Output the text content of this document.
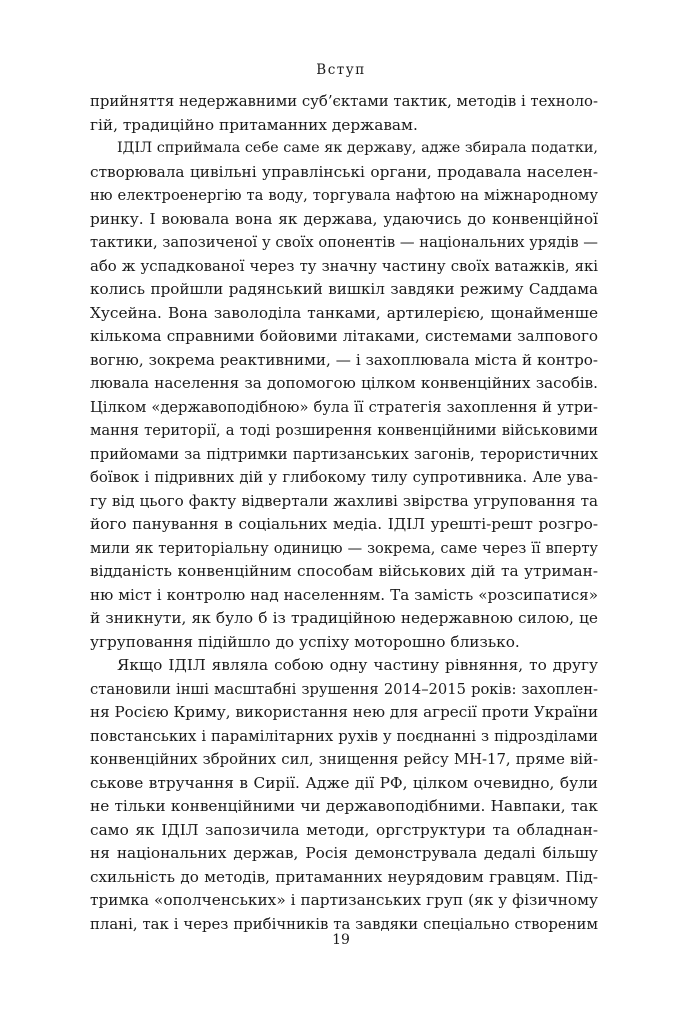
Вступ
прийняття недержавними суб’єктами тактик, методів і техноло-
гій, традиційно притаманних державам.
ІДІЛ сприймала себе саме як державу, адже збирала податки,
створювала цивільні управлінські органи, продавала населен-
ню електроенергію та воду, торгувала нафтою на міжнародному
ринку. І воювала вона як держава, удаючись до конвенційної
тактики, запозиченої у своїх опонентів — національних урядів —
або ж успадкованої через ту значну частину своїх ватажків, які
колись пройшли радянський вишкіл завдяки режиму Саддама
Хусейна. Вона заволоділа танками, артилерією, щонайменше
кількома справними бойовими літаками, системами залпового
вогню, зокрема реактивними, — і захоплювала міста й контро-
лювала населення за допомогою цілком конвенційних засобів.
Цілком «державоподібною» була її стратегія захоплення й утри-
мання території, а тоді розширення конвенційними військовими
прийомами за підтримки партизанських загонів, терористичних
боївок і підривних дій у глибокому тилу супротивника. Але ува-
гу від цього факту відвертали жахливі звірства угруповання та
його панування в соціальних медіа. ІДІЛ урешті-решт розгро-
мили як територіальну одиницю — зокрема, саме через її вперту
відданість конвенційним способам військових дій та утриман-
ню міст і контролю над населенням. Та замість «розсипатися»
й зникнути, як було б із традиційною недержавною силою, це
угруповання підійшло до успіху моторошно близько.
Якщо ІДІЛ являла собою одну частину рівняння, то другу
становили інші масштабні зрушення 2014–2015 років: захоплен-
ня Росією Криму, використання нею для агресії проти України
повстанських і парамілітарних рухів у поєднанні з підрозділами
конвенційних збройних сил, знищення рейсу MH-17, пряме вій-
ськове втручання в Сирії. Адже дії РФ, цілком очевидно, були
не тільки конвенційними чи державоподібними. Навпаки, так
само як ІДІЛ запозичила методи, оргструктури та обладнан-
ня національних держав, Росія демонструвала дедалі більшу
схильність до методів, притаманних неурядовим гравцям. Під-
тримка «ополченських» і партизанських груп (як у фізичному
плані, так і через прибічників та завдяки спеціально створеним
19
